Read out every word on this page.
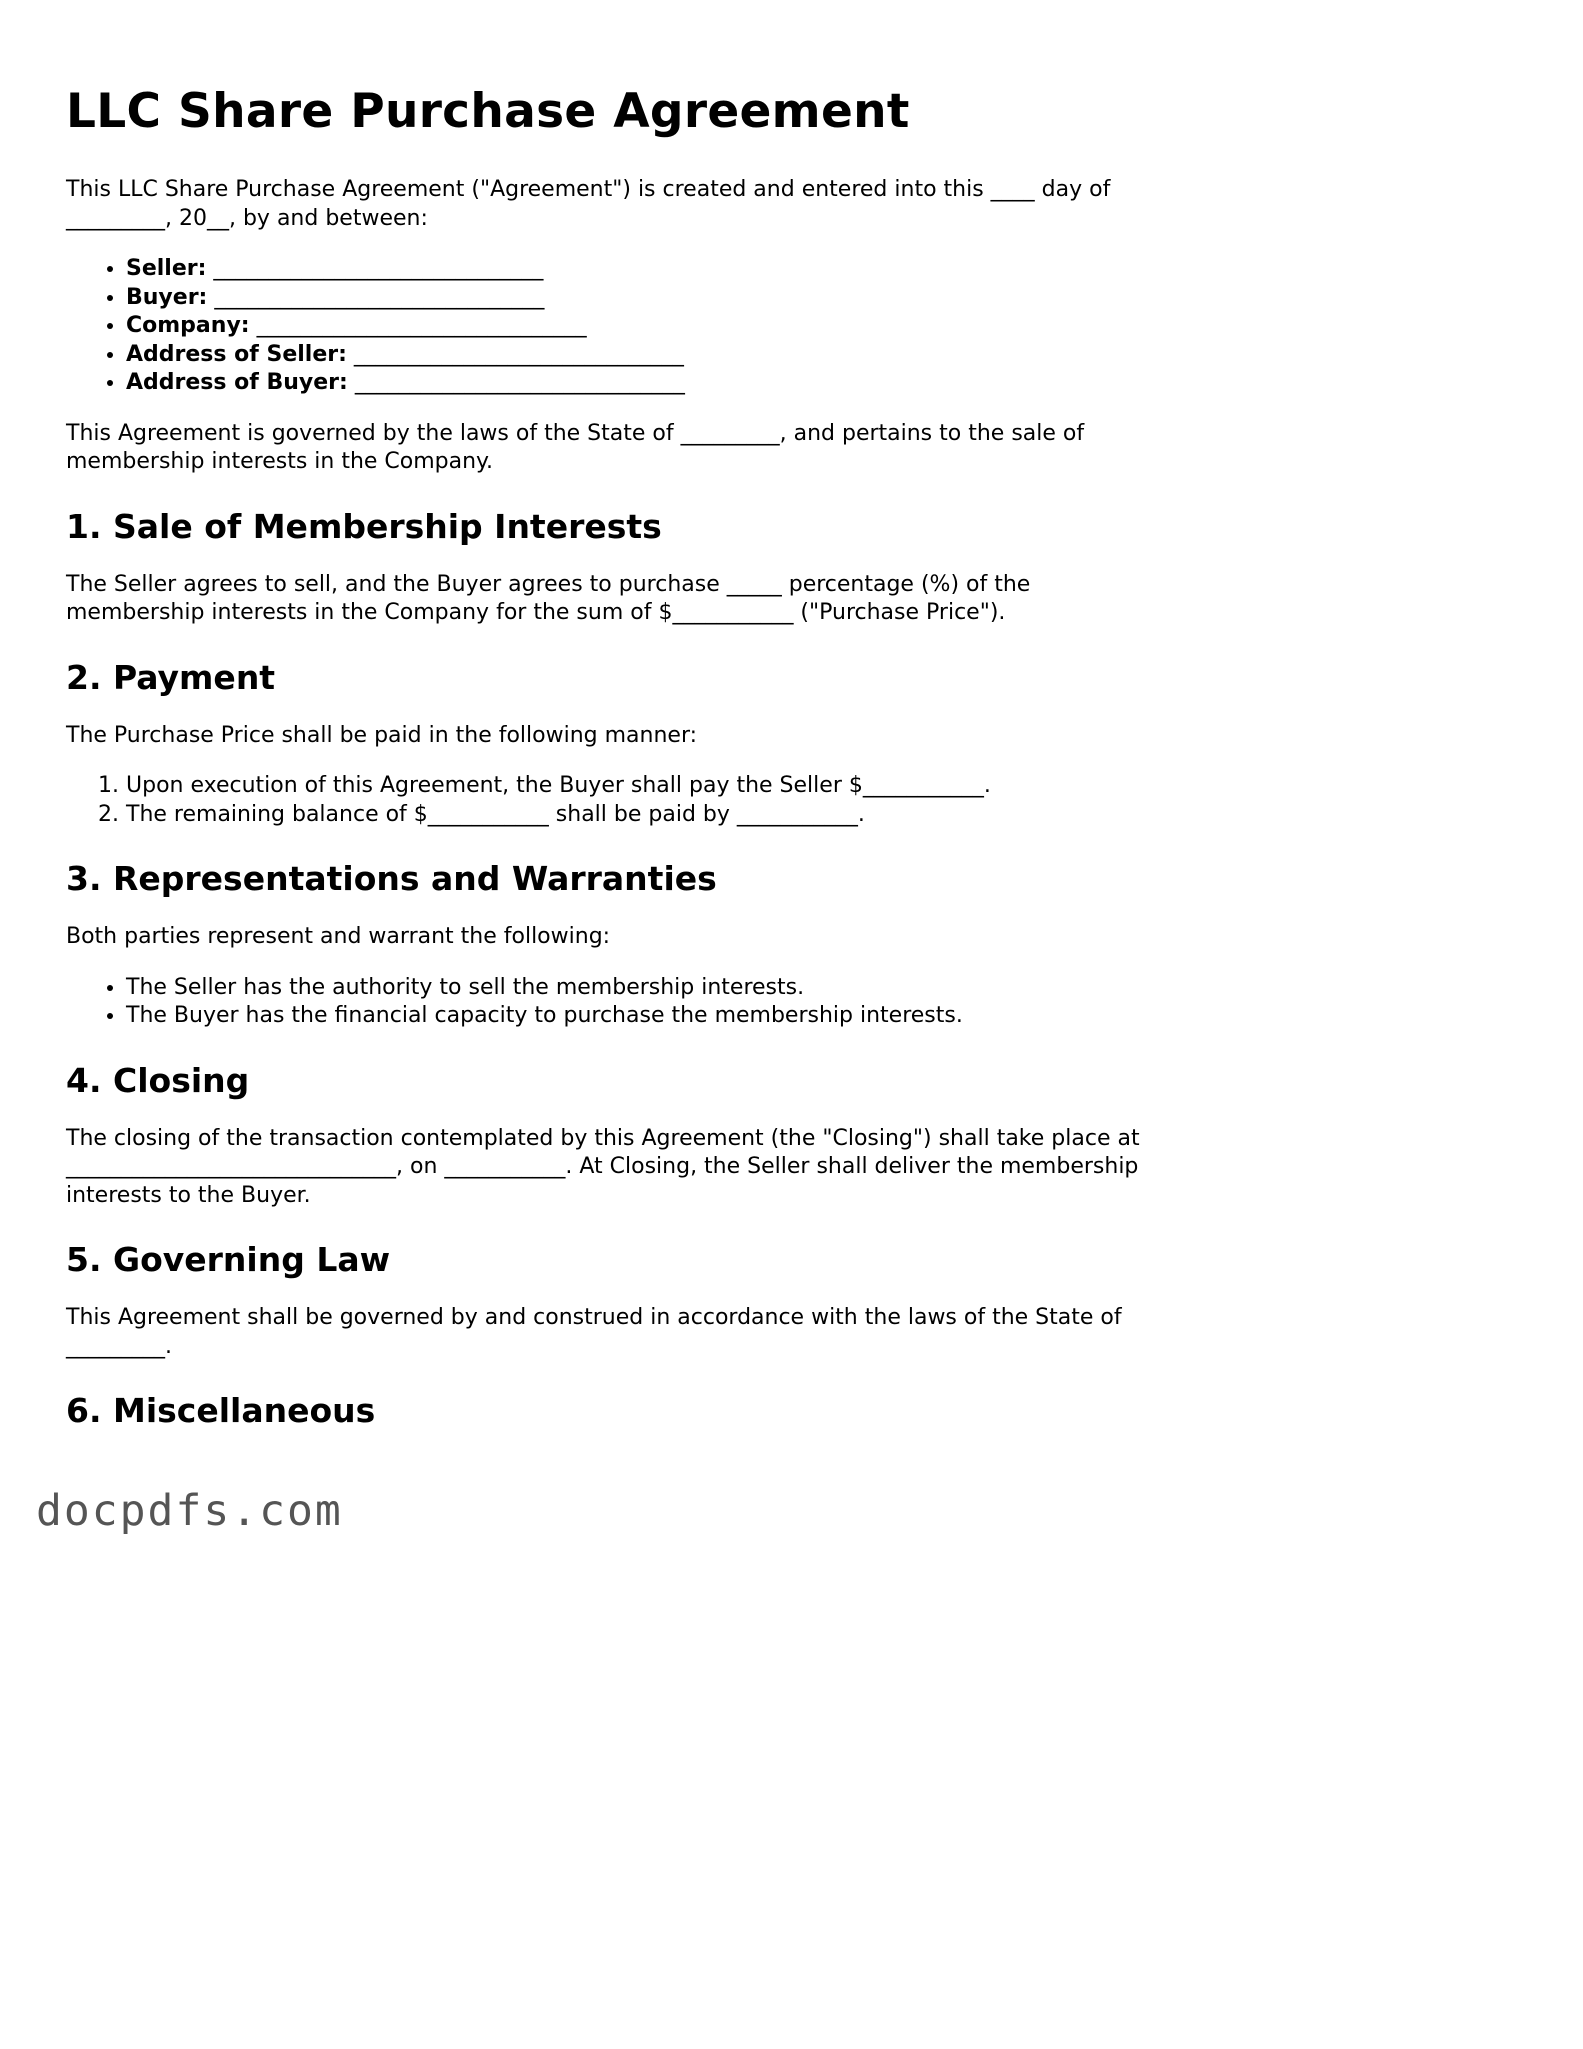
LLC Share Purchase Agreement

This LLC Share Purchase Agreement ("Agreement") is created and entered into this ____ day of _________, 20__, by and between:

• Seller: ______________________________
• Buyer: ______________________________
• Company: ______________________________
• Address of Seller: ______________________________
• Address of Buyer: ______________________________

This Agreement is governed by the laws of the State of _________, and pertains to the sale of membership interests in the Company.

1. Sale of Membership Interests

The Seller agrees to sell, and the Buyer agrees to purchase _____ percentage (%) of the membership interests in the Company for the sum of $___________ ("Purchase Price").

2. Payment

The Purchase Price shall be paid in the following manner:

1. Upon execution of this Agreement, the Buyer shall pay the Seller $___________.
2. The remaining balance of $___________ shall be paid by ___________.
3. Representations and Warranties

Both parties represent and warrant the following:

• The Seller has the authority to sell the membership interests.
• The Buyer has the financial capacity to purchase the membership interests.
4. Closing

The closing of the transaction contemplated by this Agreement (the "Closing") shall take place at ______________________________, on ___________. At Closing, the Seller shall deliver the membership interests to the Buyer.

5. Governing Law

This Agreement shall be governed by and construed in accordance with the laws of the State of _________.

6. Miscellaneous
docpdfs.com
